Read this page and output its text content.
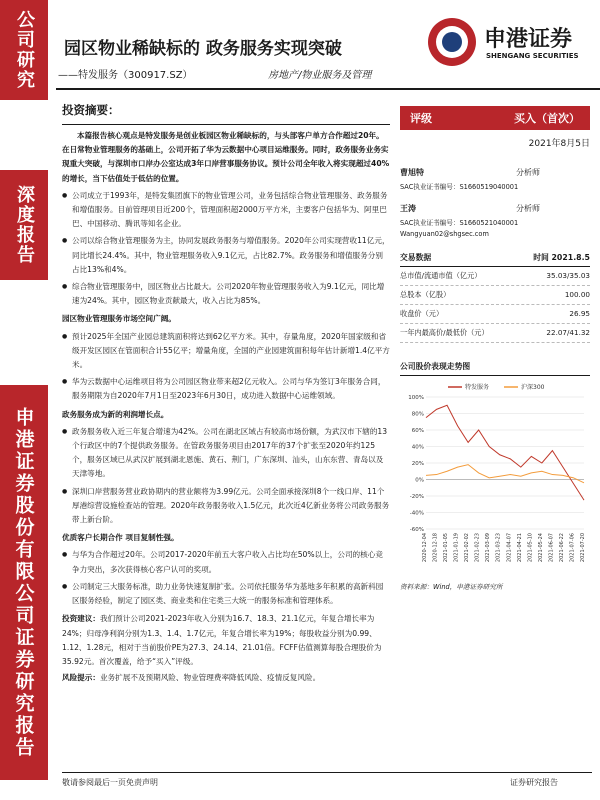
公司研究
深度报告
申港证券股份有限公司证券研究报告
园区物业稀缺标的 政务服务实现突破
——特发服务（300917.SZ）	房地产/物业服务及管理
申港证券
SHENGANG SECURITIES
投资摘要：
本篇报告核心观点是特发服务是创业板园区物业稀缺标的，与头部客户单方合作超过20年。在日常物业管理服务的基础上，公司开拓了华为云数据中心项目运维服务。同时，政务服务业务实现重大突破，与深圳市口岸办公室达成3年口岸营事服务协议。预计公司全年收入将实现超过40%的增长，当下估值处于低估的位置。
● 公司成立于1993年，是特发集团旗下的物业管理公司，业务包括综合物业管理服务、政务服务和增值服务。目前管理项目近200个，管理面积超2000万平方米，主要客户包括华为、阿里巴巴、中国移动、腾讯等知名企业。
● 公司以综合物业管理服务为主，协同发展政务服务与增值服务。2020年公司实现营收11亿元，同比增长24.4%。其中，物业管理服务收入9.1亿元，占比82.7%。政务服务和增值服务分别占比13%和4%。
● 综合物业管理服务中，园区物业占比最大。公司2020年物业管理服务收入为9.1亿元，同比增速为24%。其中，园区物业贡献最大，收入占比为85%。
园区物业管理服务市场空间广阔。
● 预计2025年全国产业园总建筑面积将达到62亿平方米。其中，存量角度，2020年国家级和省级开发区园区在管面积合计55亿平；增量角度，全国的产业园建筑面积每年估计新增1.4亿平方米。
● 华为云数据中心运维项目将为公司园区物业带来超2亿元收入。公司与华为签订3年服务合同，服务期限为自2020年7月1日至2023年6月30日，成功进入数据中心运维领域。
政务服务成为新的利润增长点。
● 政务服务收入近三年复合增速为42%。公司在湖北区域占有较高市场份额，为武汉市下辖的13个行政区中的7个提供政务服务。在管政务服务项目由2017年的37个扩张至2020年约125个，服务区域已从武汉扩展到湖北恩施、黄石、荆门，广东深圳、汕头，山东东营、青岛以及天津等地。
● 深圳口岸营服务营业政协期内的营业额将为3.99亿元。公司全面承接深圳8个一线口岸、11个厚港综营设施检查站的管理。2020年政务服务收入1.5亿元，此次近4亿新业务将公司政务服务带上新台阶。
优质客户长期合作 项目复制性强。
● 与华为合作超过20年。公司2017-2020年前五大客户收入占比均在50%以上，公司的核心竞争力突出，多次获得核心客户认可的奖项。
● 公司制定三大服务标准，助力业务快速复制扩张。公司依托服务华为基地多年积累的高新科园区服务经验，制定了园区类、商业类和住宅类三大统一的服务标准和管理体系。
投资建议：我们预计公司2021-2023年收入分别为16.7、18.3、21.1亿元，年复合增长率为24%；归母净利润分别为1.3、1.4、1.7亿元，年复合增长率为19%；每股收益分别为0.99、1.12、1.28元，相对于当前股价PE为27.3、24.14、21.01倍。FCFF估值测算每股合理股价为35.92元。首次覆盖，给予“买入”评级。
风险提示：业务扩展不及预期风险、物业管理费率降低风险、疫情反复风险。
评级	买入（首次）
2021年8月5日
曹旭特	分析师
SAC执业证书编号：S1660519040001
王涛	分析师
SAC执业证书编号：S1660521040001
Wangyuan02@shgsec.com
交易数据	时间 2021.8.5
总市值/流通市值（亿元）	35.03/35.03
总股本（亿股）	100.00
收盘价（元）	26.95
一年内最高价/最低价（元）	22.07/41.32
公司股价表现走势图
-60%
-40%
-20%
0%
20%
40%
60%
80%
100%
2020-12-04 2020-12-18 2021-01-05 2021-01-19 2021-02-02 2021-02-23 2021-03-09 2021-03-23 2021-04-07 2021-04-21 2021-05-10 2021-05-24 2021-06-07 2021-06-22 2021-07-06 2021-07-20
特发服务	沪深300
资料来源：Wind，申港证券研究所
敬请参阅最后一页免责声明	证券研究报告
